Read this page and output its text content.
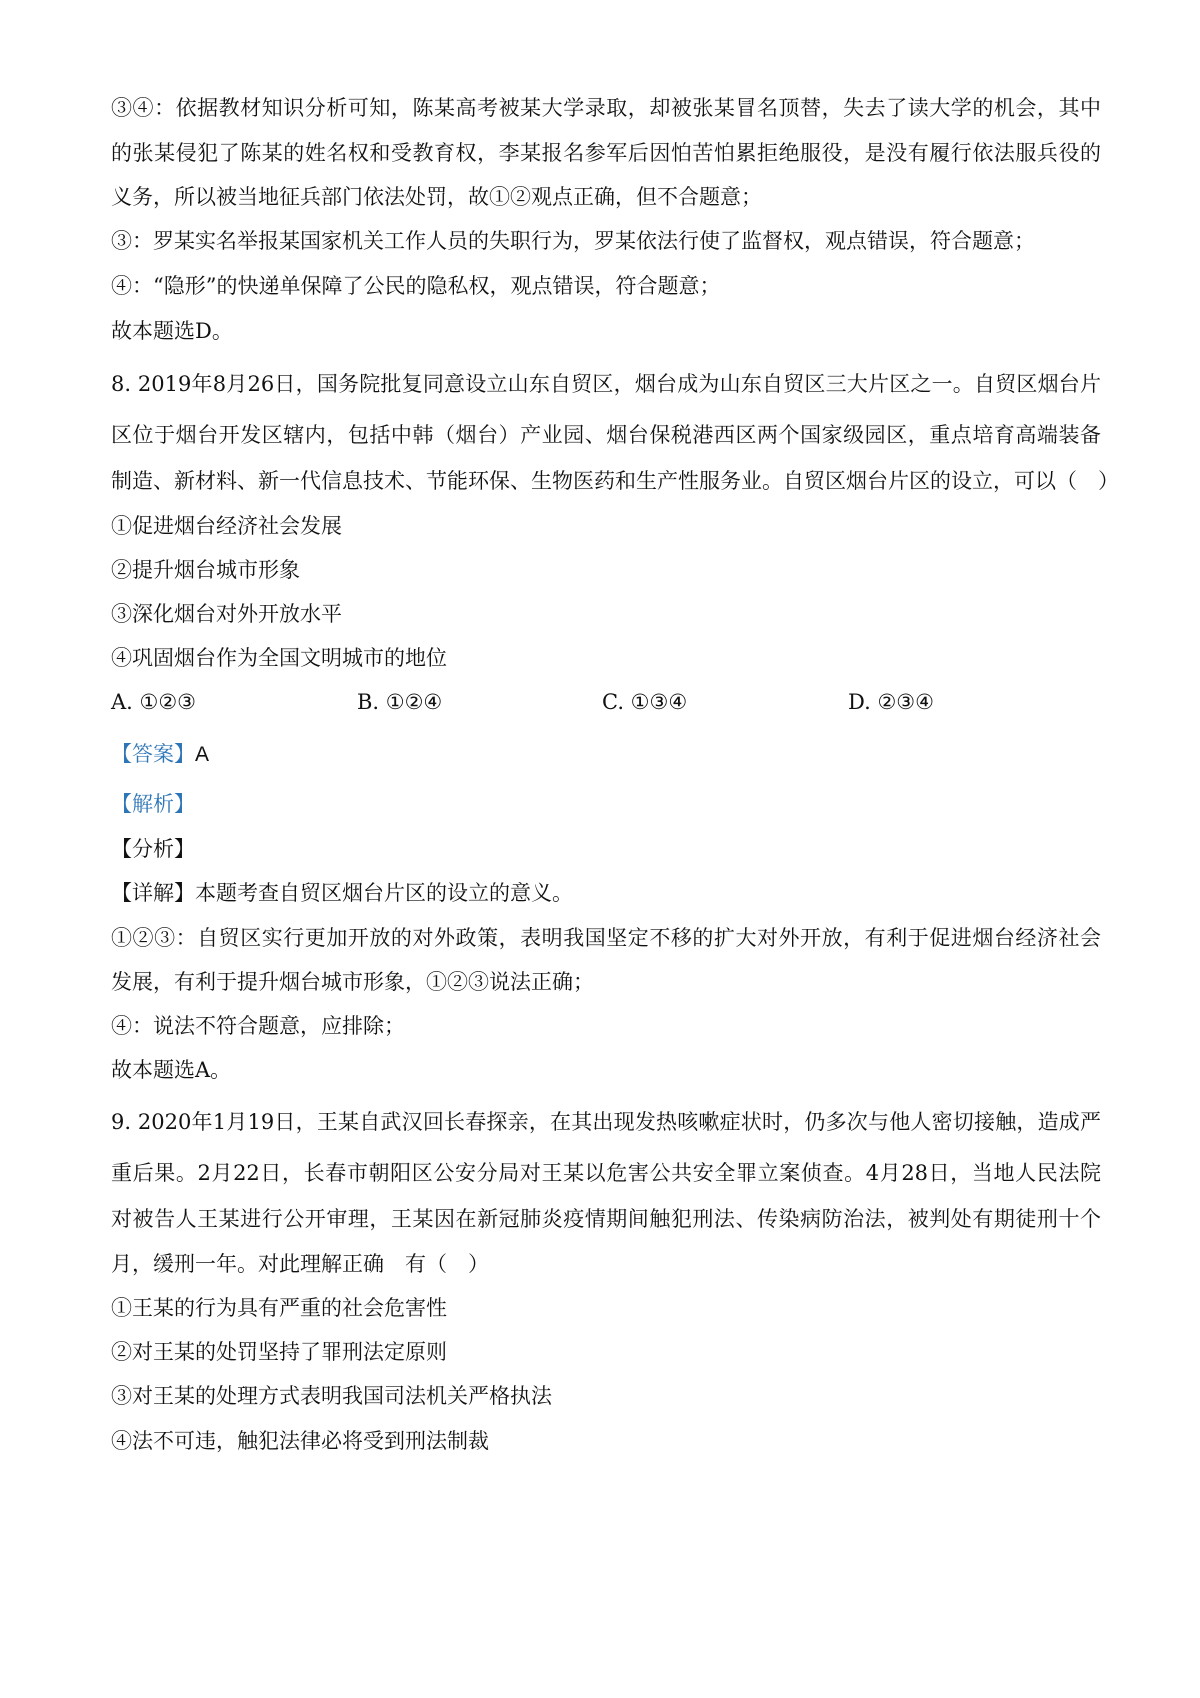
③④：依据教材知识分析可知，陈某高考被某大学录取，却被张某冒名顶替，失去了读大学的机会，其中
的张某侵犯了陈某的姓名权和受教育权，李某报名参军后因怕苦怕累拒绝服役，是没有履行依法服兵役的
义务，所以被当地征兵部门依法处罚，故①②观点正确，但不合题意；
③：罗某实名举报某国家机关工作人员的失职行为，罗某依法行使了监督权，观点错误，符合题意；
④：“隐形”的快递单保障了公民的隐私权，观点错误，符合题意；
故本题选D。
8. 2019年8月26日，国务院批复同意设立山东自贸区，烟台成为山东自贸区三大片区之一。自贸区烟台片
区位于烟台开发区辖内，包括中韩（烟台）产业园、烟台保税港西区两个国家级园区，重点培育高端装备
制造、新材料、新一代信息技术、节能环保、生物医药和生产性服务业。自贸区烟台片区的设立，可以（　）
①促进烟台经济社会发展
②提升烟台城市形象
③深化烟台对外开放水平
④巩固烟台作为全国文明城市的地位
A. ①②③	B. ①②④	C. ①③④	D. ②③④
【答案】A
【解析】
【分析】
【详解】本题考查自贸区烟台片区的设立的意义。
①②③：自贸区实行更加开放的对外政策，表明我国坚定不移的扩大对外开放，有利于促进烟台经济社会
发展，有利于提升烟台城市形象，①②③说法正确；
④：说法不符合题意，应排除；
故本题选A。
9. 2020年1月19日，王某自武汉回长春探亲，在其出现发热咳嗽症状时，仍多次与他人密切接触，造成严
重后果。2月22日，长春市朝阳区公安分局对王某以危害公共安全罪立案侦查。4月28日，当地人民法院
对被告人王某进行公开审理，王某因在新冠肺炎疫情期间触犯刑法、传染病防治法，被判处有期徒刑十个
月，缓刑一年。对此理解正确　有（　）
①王某的行为具有严重的社会危害性
②对王某的处罚坚持了罪刑法定原则
③对王某的处理方式表明我国司法机关严格执法
④法不可违，触犯法律必将受到刑法制裁
